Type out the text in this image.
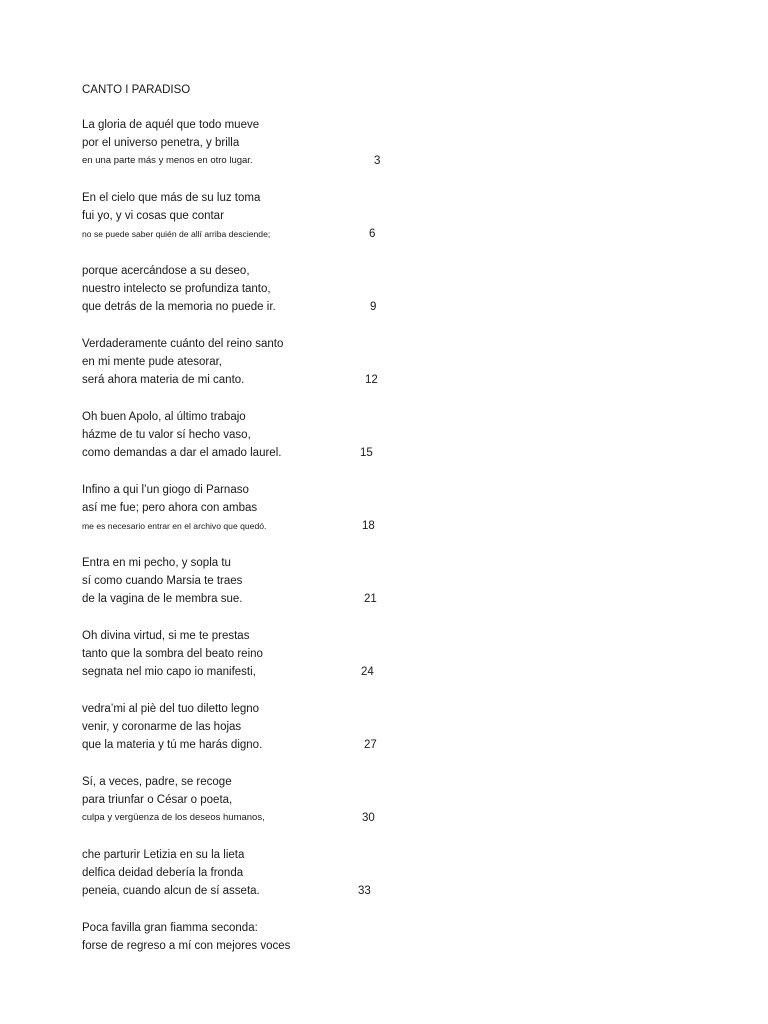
CANTO I PARADISO
La gloria de aquél que todo mueve
por el universo penetra, y brilla
en una parte más y menos en otro lugar.	3
En el cielo que más de su luz toma
fui yo, y vi cosas que contar
no se puede saber quién de allí arriba desciende;	6
porque acercándose a su deseo,
nuestro intelecto se profundiza tanto,
que detrás de la memoria no puede ir.	9
Verdaderamente cuánto del reino santo
en mi mente pude atesorar,
será ahora materia de mi canto.	12
Oh buen Apolo, al último trabajo
házme de tu valor sí hecho vaso,
como demandas a dar el amado laurel.	15
Infino a qui l’un giogo di Parnaso
así me fue; pero ahora con ambas
me es necesario entrar en el archivo que quedó.	18
Entra en mi pecho, y sopla tu
sí como cuando Marsia te traes
de la vagina de le membra sue.	21
Oh divina virtud, si me te prestas
tanto que la sombra del beato reino
segnata nel mio capo io manifesti,	24
vedra’mi al piè del tuo diletto legno
venir, y coronarme de las hojas
que la materia y tú me harás digno.	27
Sí, a veces, padre, se recoge
para triunfar o César o poeta,
culpa y vergüenza de los deseos humanos,	30
che parturir Letizia en su la lieta
delfica deidad debería la fronda
peneia, cuando alcun de sí asseta.	33
Poca favilla gran fiamma seconda:
forse de regreso a mí con mejores voces
